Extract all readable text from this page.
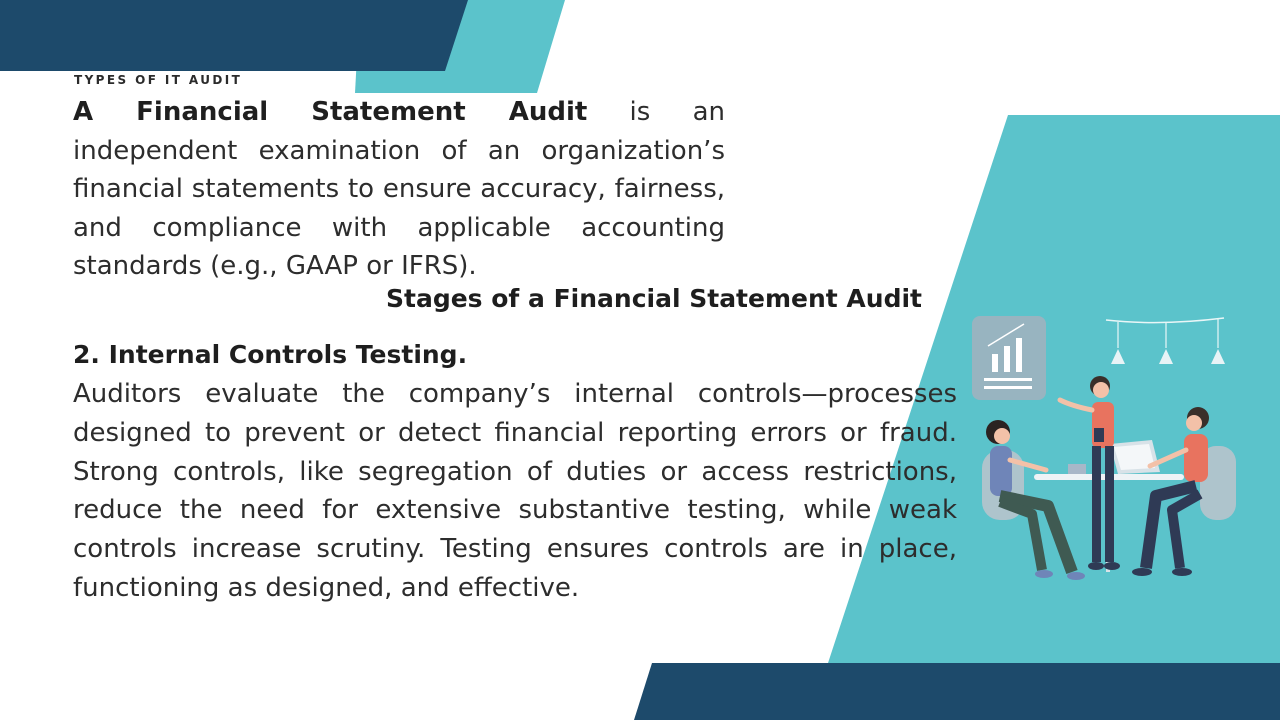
TYPES OF IT AUDIT

A Financial Statement Audit is an independent examination of an organization’s financial statements to ensure accuracy, fairness, and compliance with applicable accounting standards (e.g., GAAP or IFRS).

Stages of a Financial Statement Audit
2. Internal Controls Testing.

Auditors evaluate the company’s internal controls—processes designed to prevent or detect financial reporting errors or fraud. Strong controls, like segregation of duties or access restrictions, reduce the need for extensive substantive testing, while weak controls increase scrutiny. Testing ensures controls are in place, functioning as designed, and effective.
